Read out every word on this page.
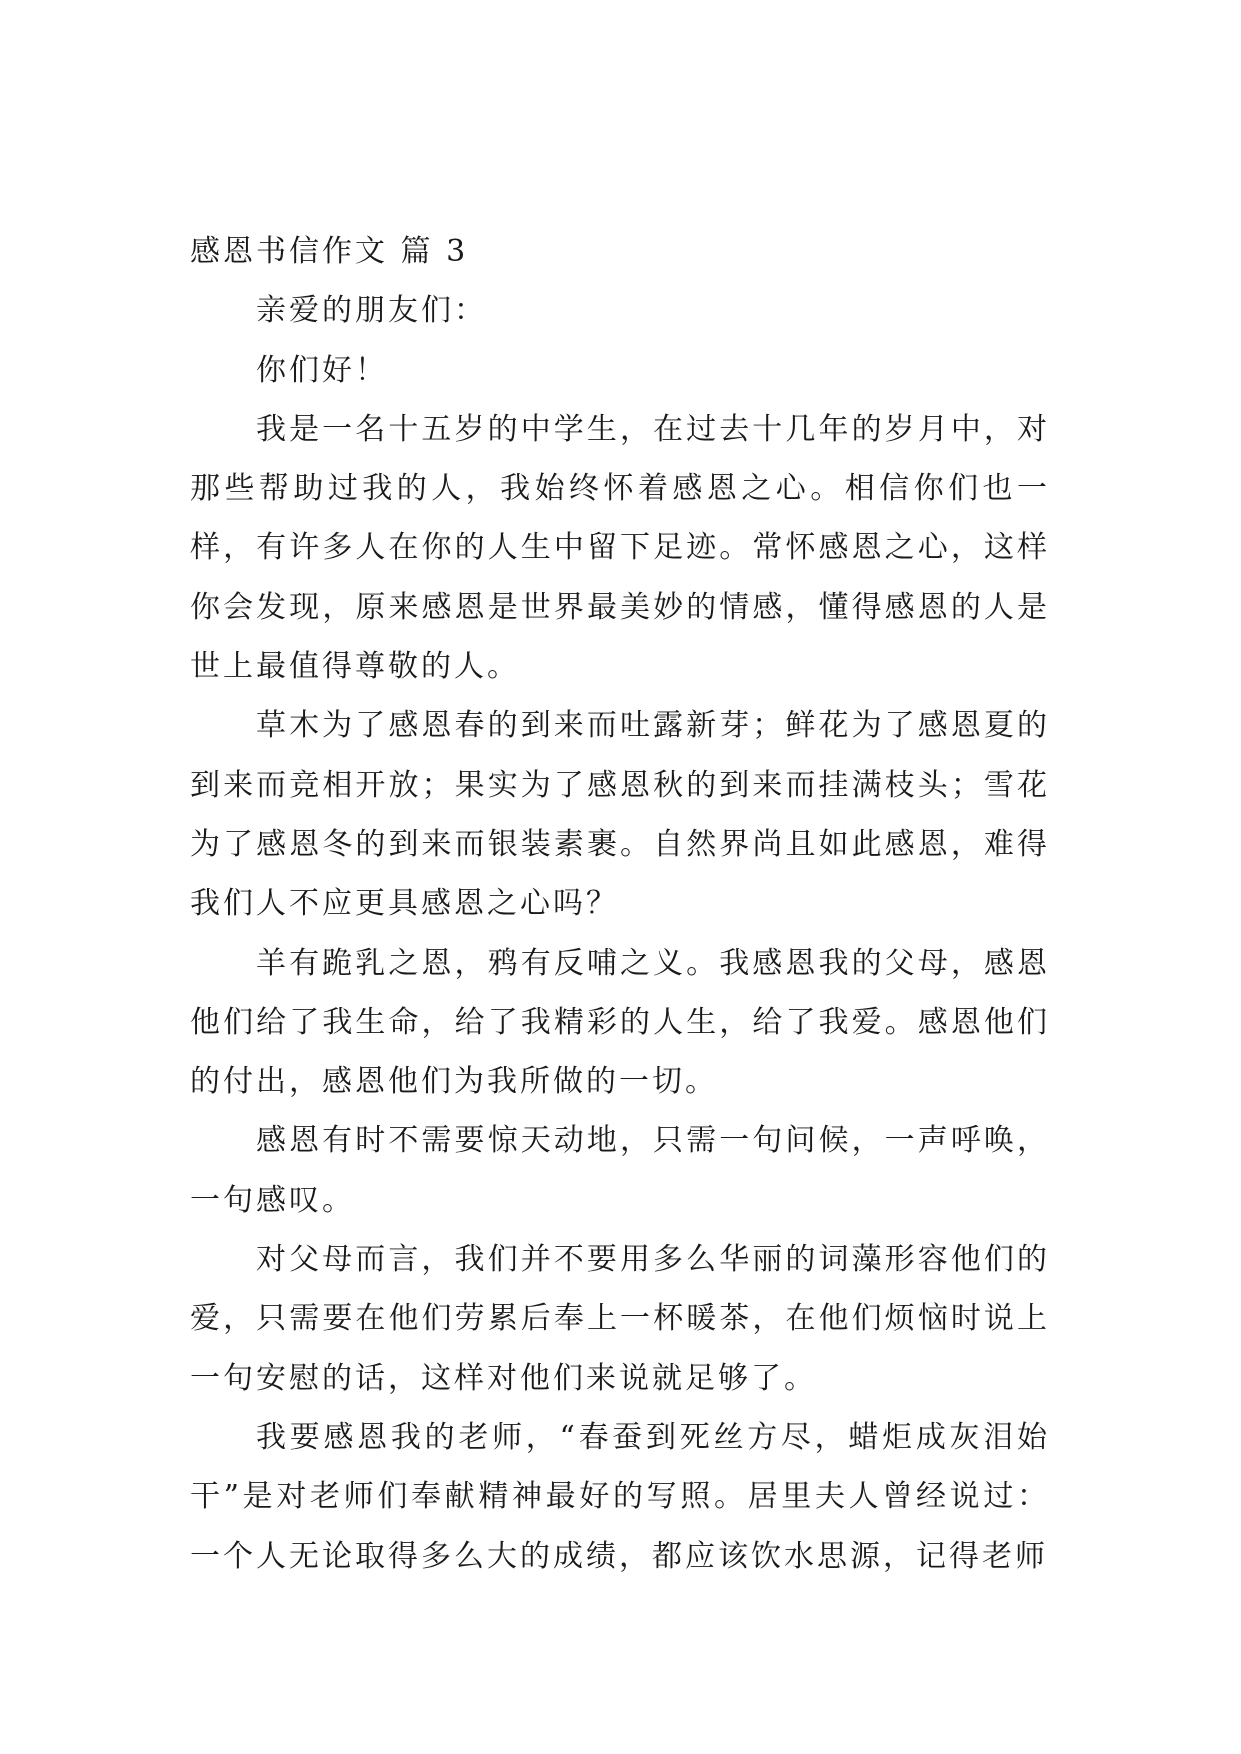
感恩书信作文 篇 3

亲爱的朋友们：

你们好！

我是一名十五岁的中学生，在过去十几年的岁月中，对那些帮助过我的人，我始终怀着感恩之心。相信你们也一样，有许多人在你的人生中留下足迹。常怀感恩之心，这样你会发现，原来感恩是世界最美妙的情感，懂得感恩的人是世上最值得尊敬的人。

草木为了感恩春的到来而吐露新芽；鲜花为了感恩夏的到来而竞相开放；果实为了感恩秋的到来而挂满枝头；雪花为了感恩冬的到来而银装素裹。自然界尚且如此感恩，难得我们人不应更具感恩之心吗？

羊有跪乳之恩，鸦有反哺之义。我感恩我的父母，感恩他们给了我生命，给了我精彩的人生，给了我爱。感恩他们的付出，感恩他们为我所做的一切。

感恩有时不需要惊天动地，只需一句问候，一声呼唤，一句感叹。

对父母而言，我们并不要用多么华丽的词藻形容他们的爱，只需要在他们劳累后奉上一杯暖茶，在他们烦恼时说上一句安慰的话，这样对他们来说就足够了。

我要感恩我的老师，“春蚕到死丝方尽，蜡炬成灰泪始干”是对老师们奉献精神最好的写照。居里夫人曾经说过：一个人无论取得多么大的成绩，都应该饮水思源，记得老师
